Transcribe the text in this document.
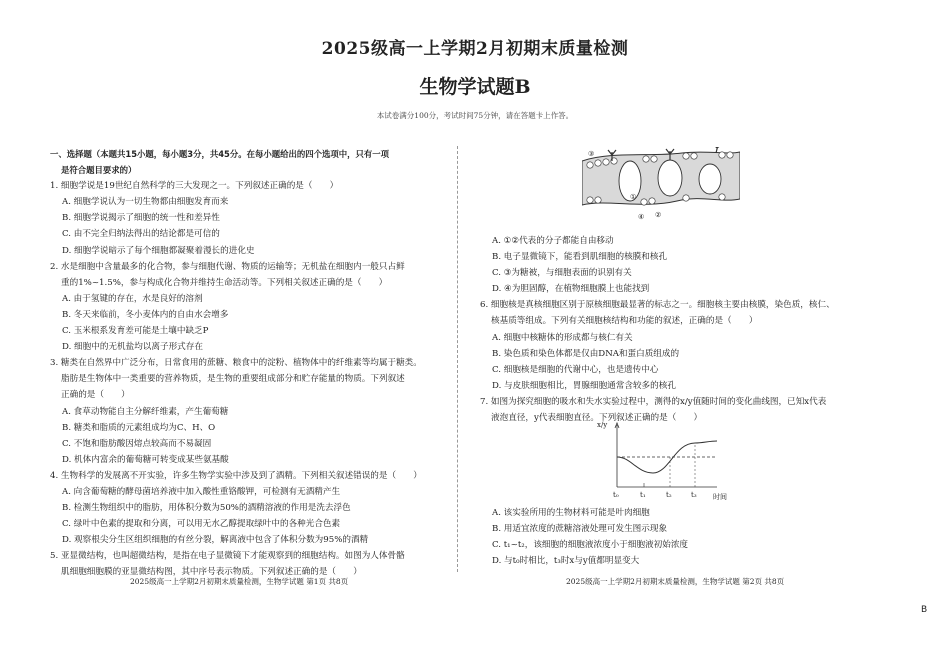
2025级高一上学期2月初期末质量检测
生物学试题B
本试卷满分100分，考试时间75分钟，请在答题卡上作答。
一、选择题（本题共15小题，每小题3分，共45分。在每小题给出的四个选项中，只有一项
是符合题目要求的）
1. 细胞学说是19世纪自然科学的三大发现之一。下列叙述正确的是（　　）
A. 细胞学说认为一切生物都由细胞发育而来
B. 细胞学说揭示了细胞的统一性和差异性
C. 由不完全归纳法得出的结论都是可信的
D. 细胞学说暗示了每个细胞都凝聚着漫长的进化史
2. 水是细胞中含量最多的化合物，参与细胞代谢、物质的运输等；无机盐在细胞内一般只占鲜
重的1%~1.5%，参与构成化合物并维持生命活动等。下列相关叙述正确的是（　　）
A. 由于氢键的存在，水是良好的溶剂
B. 冬天来临前，冬小麦体内的自由水会增多
C. 玉米根系发育差可能是土壤中缺乏P
D. 细胞中的无机盐均以离子形式存在
3. 糖类在自然界中广泛分布，日常食用的蔗糖、粮食中的淀粉、植物体中的纤维素等均属于糖类。
脂肪是生物体中一类重要的营养物质，是生物的重要组成部分和贮存能量的物质。下列叙述
正确的是（　　）
A. 食草动物能自主分解纤维素，产生葡萄糖
B. 糖类和脂质的元素组成均为C、H、O
C. 不饱和脂肪酸因熔点较高而不易凝固
D. 机体内富余的葡萄糖可转变成某些氨基酸
4. 生物科学的发展离不开实验，许多生物学实验中涉及到了酒精。下列相关叙述错误的是（　　）
A. 向含葡萄糖的酵母菌培养液中加入酸性重铬酸钾，可检测有无酒精产生
B. 检测生物组织中的脂肪，用体积分数为50%的酒精溶液的作用是洗去浮色
C. 绿叶中色素的提取和分离，可以用无水乙醇提取绿叶中的各种光合色素
D. 观察根尖分生区组织细胞的有丝分裂，解离液中包含了体积分数为95%的酒精
5. 亚显微结构，也叫超微结构，是指在电子显微镜下才能观察到的细胞结构。如图为人体骨骼
肌细胞细胞膜的亚显微结构图，其中序号表示物质。下列叙述正确的是（　　）
③
①
④ ②
A. ①②代表的分子都能自由移动
B. 电子显微镜下，能看到肌细胞的核膜和核孔
C. ③为糖被，与细胞表面的识别有关
D. ④为胆固醇，在植物细胞膜上也能找到
6. 细胞核是真核细胞区别于原核细胞最显著的标志之一。细胞核主要由核膜，染色质，核仁、
核基质等组成。下列有关细胞核结构和功能的叙述，正确的是（　　）
A. 细胞中核糖体的形成都与核仁有关
B. 染色质和染色体都是仅由DNA和蛋白质组成的
C. 细胞核是细胞的代谢中心，也是遗传中心
D. 与皮肤细胞相比，胃腺细胞通常含较多的核孔
7. 如图为探究细胞的吸水和失水实验过程中，测得的x/y值随时间的变化曲线图，已知x代表
液泡直径，y代表细胞直径。下列叙述正确的是（　　）
x/y
t₀	t₁	t₂	t₃ 时间
A. 该实验所用的生物材料可能是叶肉细胞
B. 用适宜浓度的蔗糖溶液处理可发生图示现象
C. t₁~t₂，该细胞的细胞液浓度小于细胞液初始浓度
D. 与t₀时相比，t₃时x与y值都明显变大
2025级高一上学期2月初期末质量检测，生物学试题 第1页 共8页	2025级高一上学期2月初期末质量检测，生物学试题 第2页 共8页
B
